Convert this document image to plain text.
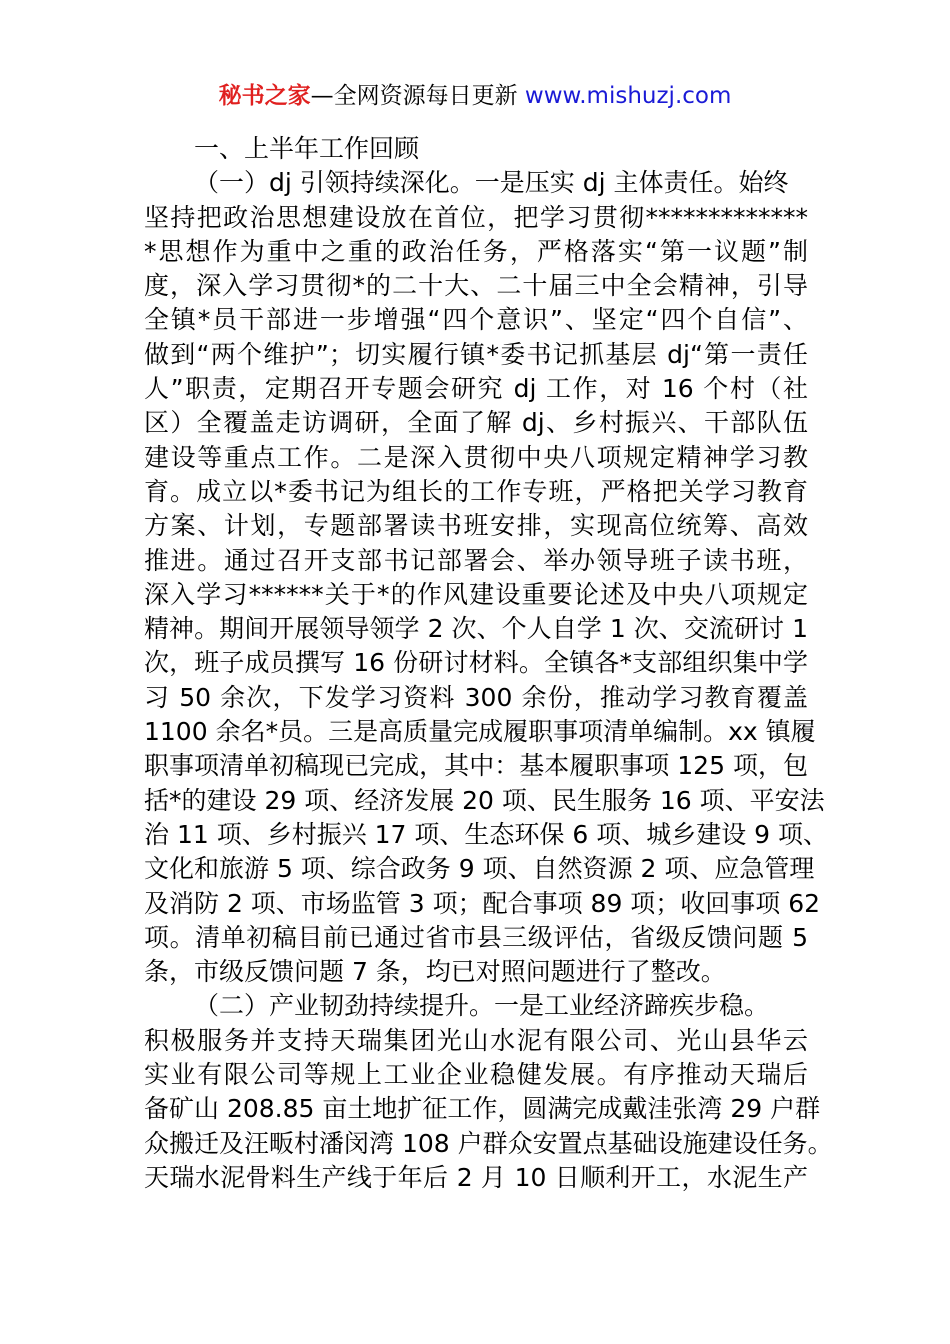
秘书之家—全网资源每日更新 www.mishuzj.com
一、上半年工作回顾
（一）dj 引领持续深化。一是压实 dj 主体责任。始终
坚持把政治思想建设放在首位，把学习贯彻*************
*思想作为重中之重的政治任务，严格落实“第一议题”制
度，深入学习贯彻*的二十大、二十届三中全会精神，引导
全镇*员干部进一步增强“四个意识”、坚定“四个自信”、
做到“两个维护”；切实履行镇*委书记抓基层 dj“第一责任
人”职责，定期召开专题会研究 dj 工作，对 16 个村（社
区）全覆盖走访调研，全面了解 dj、乡村振兴、干部队伍
建设等重点工作。二是深入贯彻中央八项规定精神学习教
育。成立以*委书记为组长的工作专班，严格把关学习教育
方案、计划，专题部署读书班安排，实现高位统筹、高效
推进。通过召开支部书记部署会、举办领导班子读书班，
深入学习******关于*的作风建设重要论述及中央八项规定
精神。期间开展领导领学 2 次、个人自学 1 次、交流研讨 1
次，班子成员撰写 16 份研讨材料。全镇各*支部组织集中学
习 50 余次，下发学习资料 300 余份，推动学习教育覆盖
1100 余名*员。三是高质量完成履职事项清单编制。xx 镇履
职事项清单初稿现已完成，其中：基本履职事项 125 项，包
括*的建设 29 项、经济发展 20 项、民生服务 16 项、平安法
治 11 项、乡村振兴 17 项、生态环保 6 项、城乡建设 9 项、
文化和旅游 5 项、综合政务 9 项、自然资源 2 项、应急管理
及消防 2 项、市场监管 3 项；配合事项 89 项；收回事项 62
项。清单初稿目前已通过省市县三级评估，省级反馈问题 5
条，市级反馈问题 7 条，均已对照问题进行了整改。
（二）产业韧劲持续提升。一是工业经济蹄疾步稳。
积极服务并支持天瑞集团光山水泥有限公司、光山县华云
实业有限公司等规上工业企业稳健发展。有序推动天瑞后
备矿山 208.85 亩土地扩征工作，圆满完成戴洼张湾 29 户群
众搬迁及汪畈村潘闵湾 108 户群众安置点基础设施建设任务。
天瑞水泥骨料生产线于年后 2 月 10 日顺利开工，水泥生产
